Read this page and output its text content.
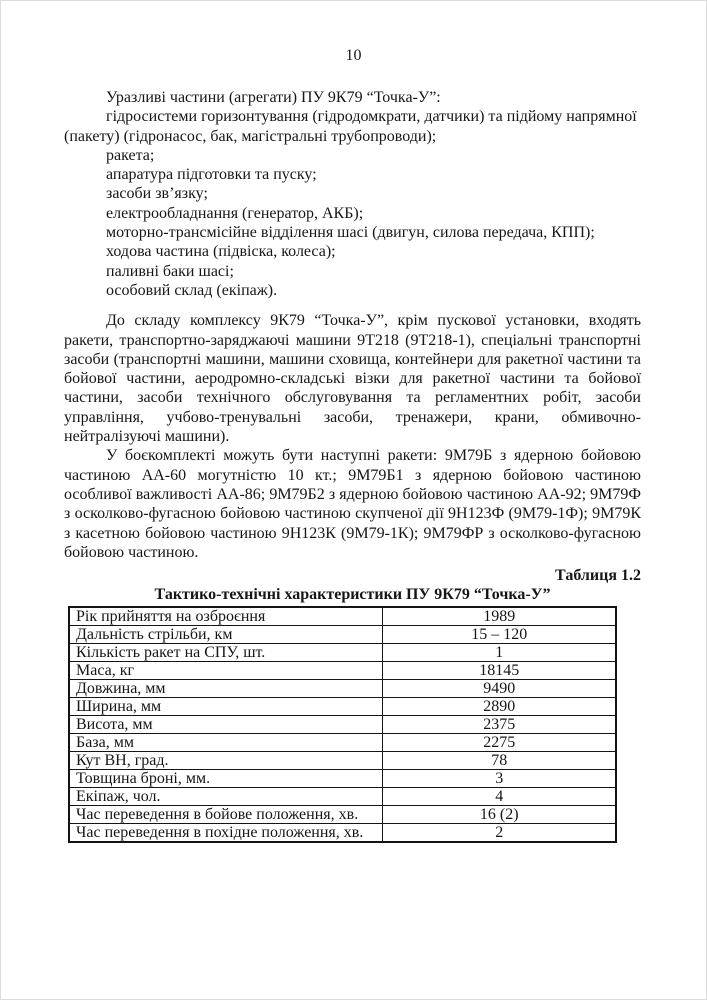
10

Уразливі частини (агрегати) ПУ 9К79 “Точка-У”:

гідросистеми горизонтування (гідродомкрати, датчики) та підйому напрямної (пакету) (гідронасос, бак, магістральні трубопроводи);

ракета;

апаратура підготовки та пуску;

засоби зв’язку;

електрообладнання (генератор, АКБ);

моторно-трансмісійне відділення шасі (двигун, силова передача, КПП);

ходова частина (підвіска, колеса);

паливні баки шасі;

особовий склад (екіпаж).

До складу комплексу 9К79 “Точка-У”, крім пускової установки, входять ракети, транспортно-заряджаючі машини 9Т218 (9Т218-1), спеціальні транспортні засоби (транспортні машини, машини сховища, контейнери для ракетної частини та бойової частини, аеродромно-складські візки для ракетної частини та бойової частини, засоби технічного обслуговування та регламентних робіт, засоби управління, учбово-тренувальні засоби, тренажери, крани, обмивочно-нейтралізуючі машини).

У боєкомплекті можуть бути наступні ракети: 9М79Б з ядерною бойовою частиною АА-60 могутністю 10 кт.; 9М79Б1 з ядерною бойовою частиною особливої важливості АА-86; 9М79Б2 з ядерною бойовою частиною АА-92; 9М79Ф з осколково-фугасною бойовою частиною скупченої дії 9Н123Ф (9М79-1Ф); 9М79К з касетною бойовою частиною 9Н123К (9М79-1К); 9М79ФР з осколково-фугасною бойовою частиною.

Таблиця 1.2
Тактико-технічні характеристики ПУ 9К79 “Точка-У”
Рік прийняття на озброєння	1989
Дальність стрільби, км	15 – 120
Кількість ракет на СПУ, шт.	1
Маса, кг	18145
Довжина, мм	9490
Ширина, мм	2890
Висота, мм	2375
База, мм	2275
Кут ВН, град.	78
Товщина броні, мм.	3
Екіпаж, чол.	4
Час переведення в бойове положення, хв.	16 (2)
Час переведення в похідне положення, хв.	2
